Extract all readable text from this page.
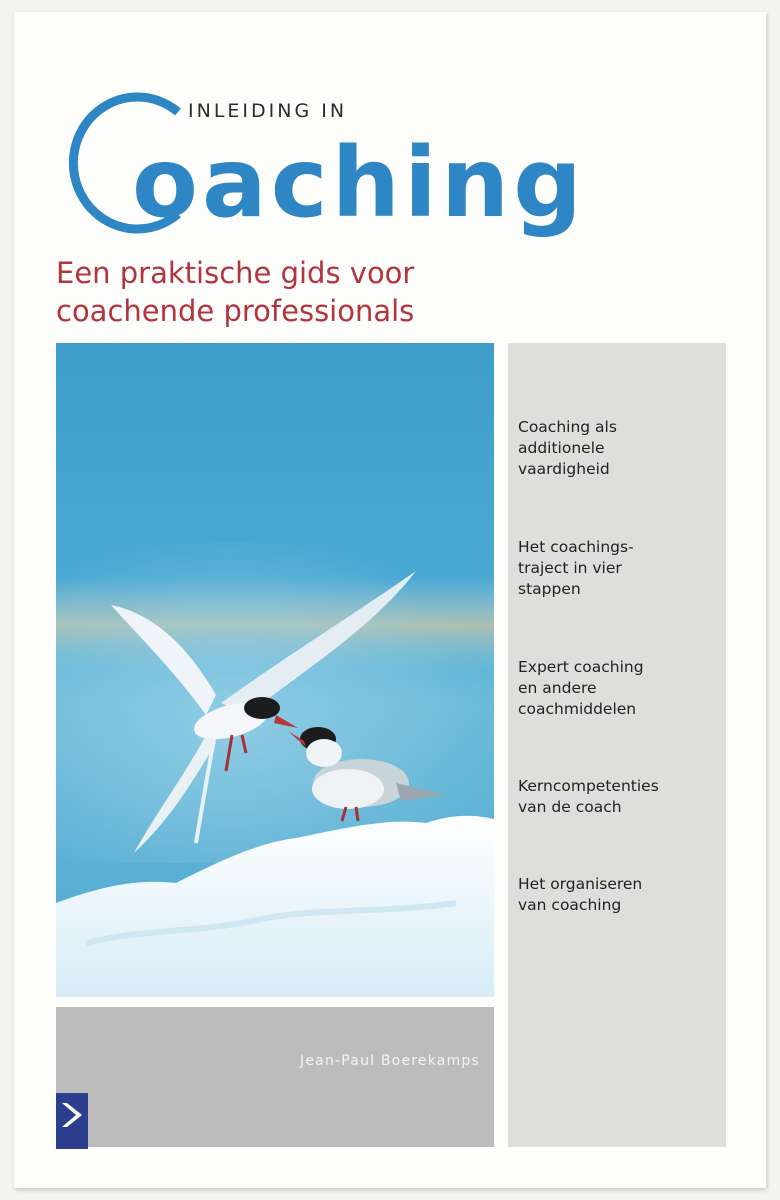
oaching
INLEIDING IN
Een praktische gids voor
coachende professionals
Coaching als
additionele
vaardigheid
Het coachings-
traject in vier
stappen
Expert coaching
en andere
coachmiddelen
Kerncompetenties
van de coach
Het organiseren
van coaching
Jean-Paul Boerekamps
